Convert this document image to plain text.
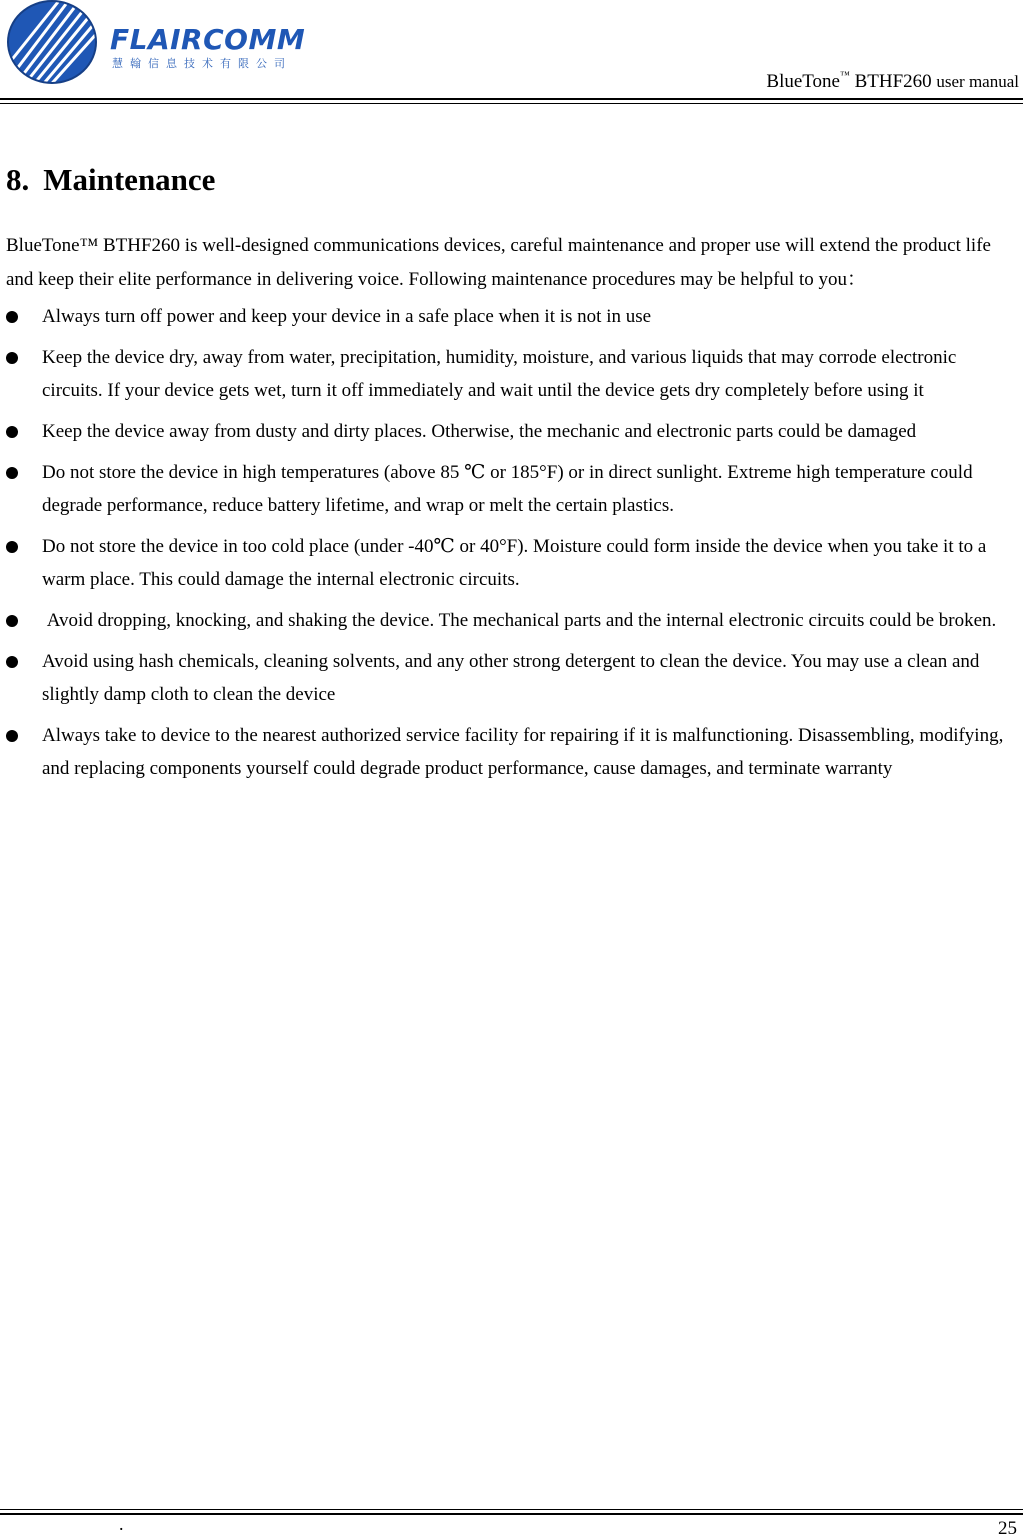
FLAIRCOMM
慧翰信息技术有限公司
BlueTone™ BTHF260 user manual
8. Maintenance

BlueTone™ BTHF260 is well-designed communications devices, careful maintenance and proper use will extend the product life and keep their elite performance in delivering voice. Following maintenance procedures may be helpful to you：

Always turn off power and keep your device in a safe place when it is not in use
Keep the device dry, away from water, precipitation, humidity, moisture, and various liquids that may corrode electronic circuits. If your device gets wet, turn it off immediately and wait until the device gets dry completely before using it
Keep the device away from dusty and dirty places. Otherwise, the mechanic and electronic parts could be damaged
Do not store the device in high temperatures (above 85 ℃ or 185°F) or in direct sunlight. Extreme high temperature could degrade performance, reduce battery lifetime, and wrap or melt the certain plastics.
Do not store the device in too cold place (under -40℃ or 40°F). Moisture could form inside the device when you take it to a warm place. This could damage the internal electronic circuits.
Avoid dropping, knocking, and shaking the device. The mechanical parts and the internal electronic circuits could be broken.
Avoid using hash chemicals, cleaning solvents, and any other strong detergent to clean the device. You may use a clean and slightly damp cloth to clean the device
Always take to device to the nearest authorized service facility for repairing if it is malfunctioning. Disassembling, modifying, and replacing components yourself could degrade product performance, cause damages, and terminate warranty
.	25
